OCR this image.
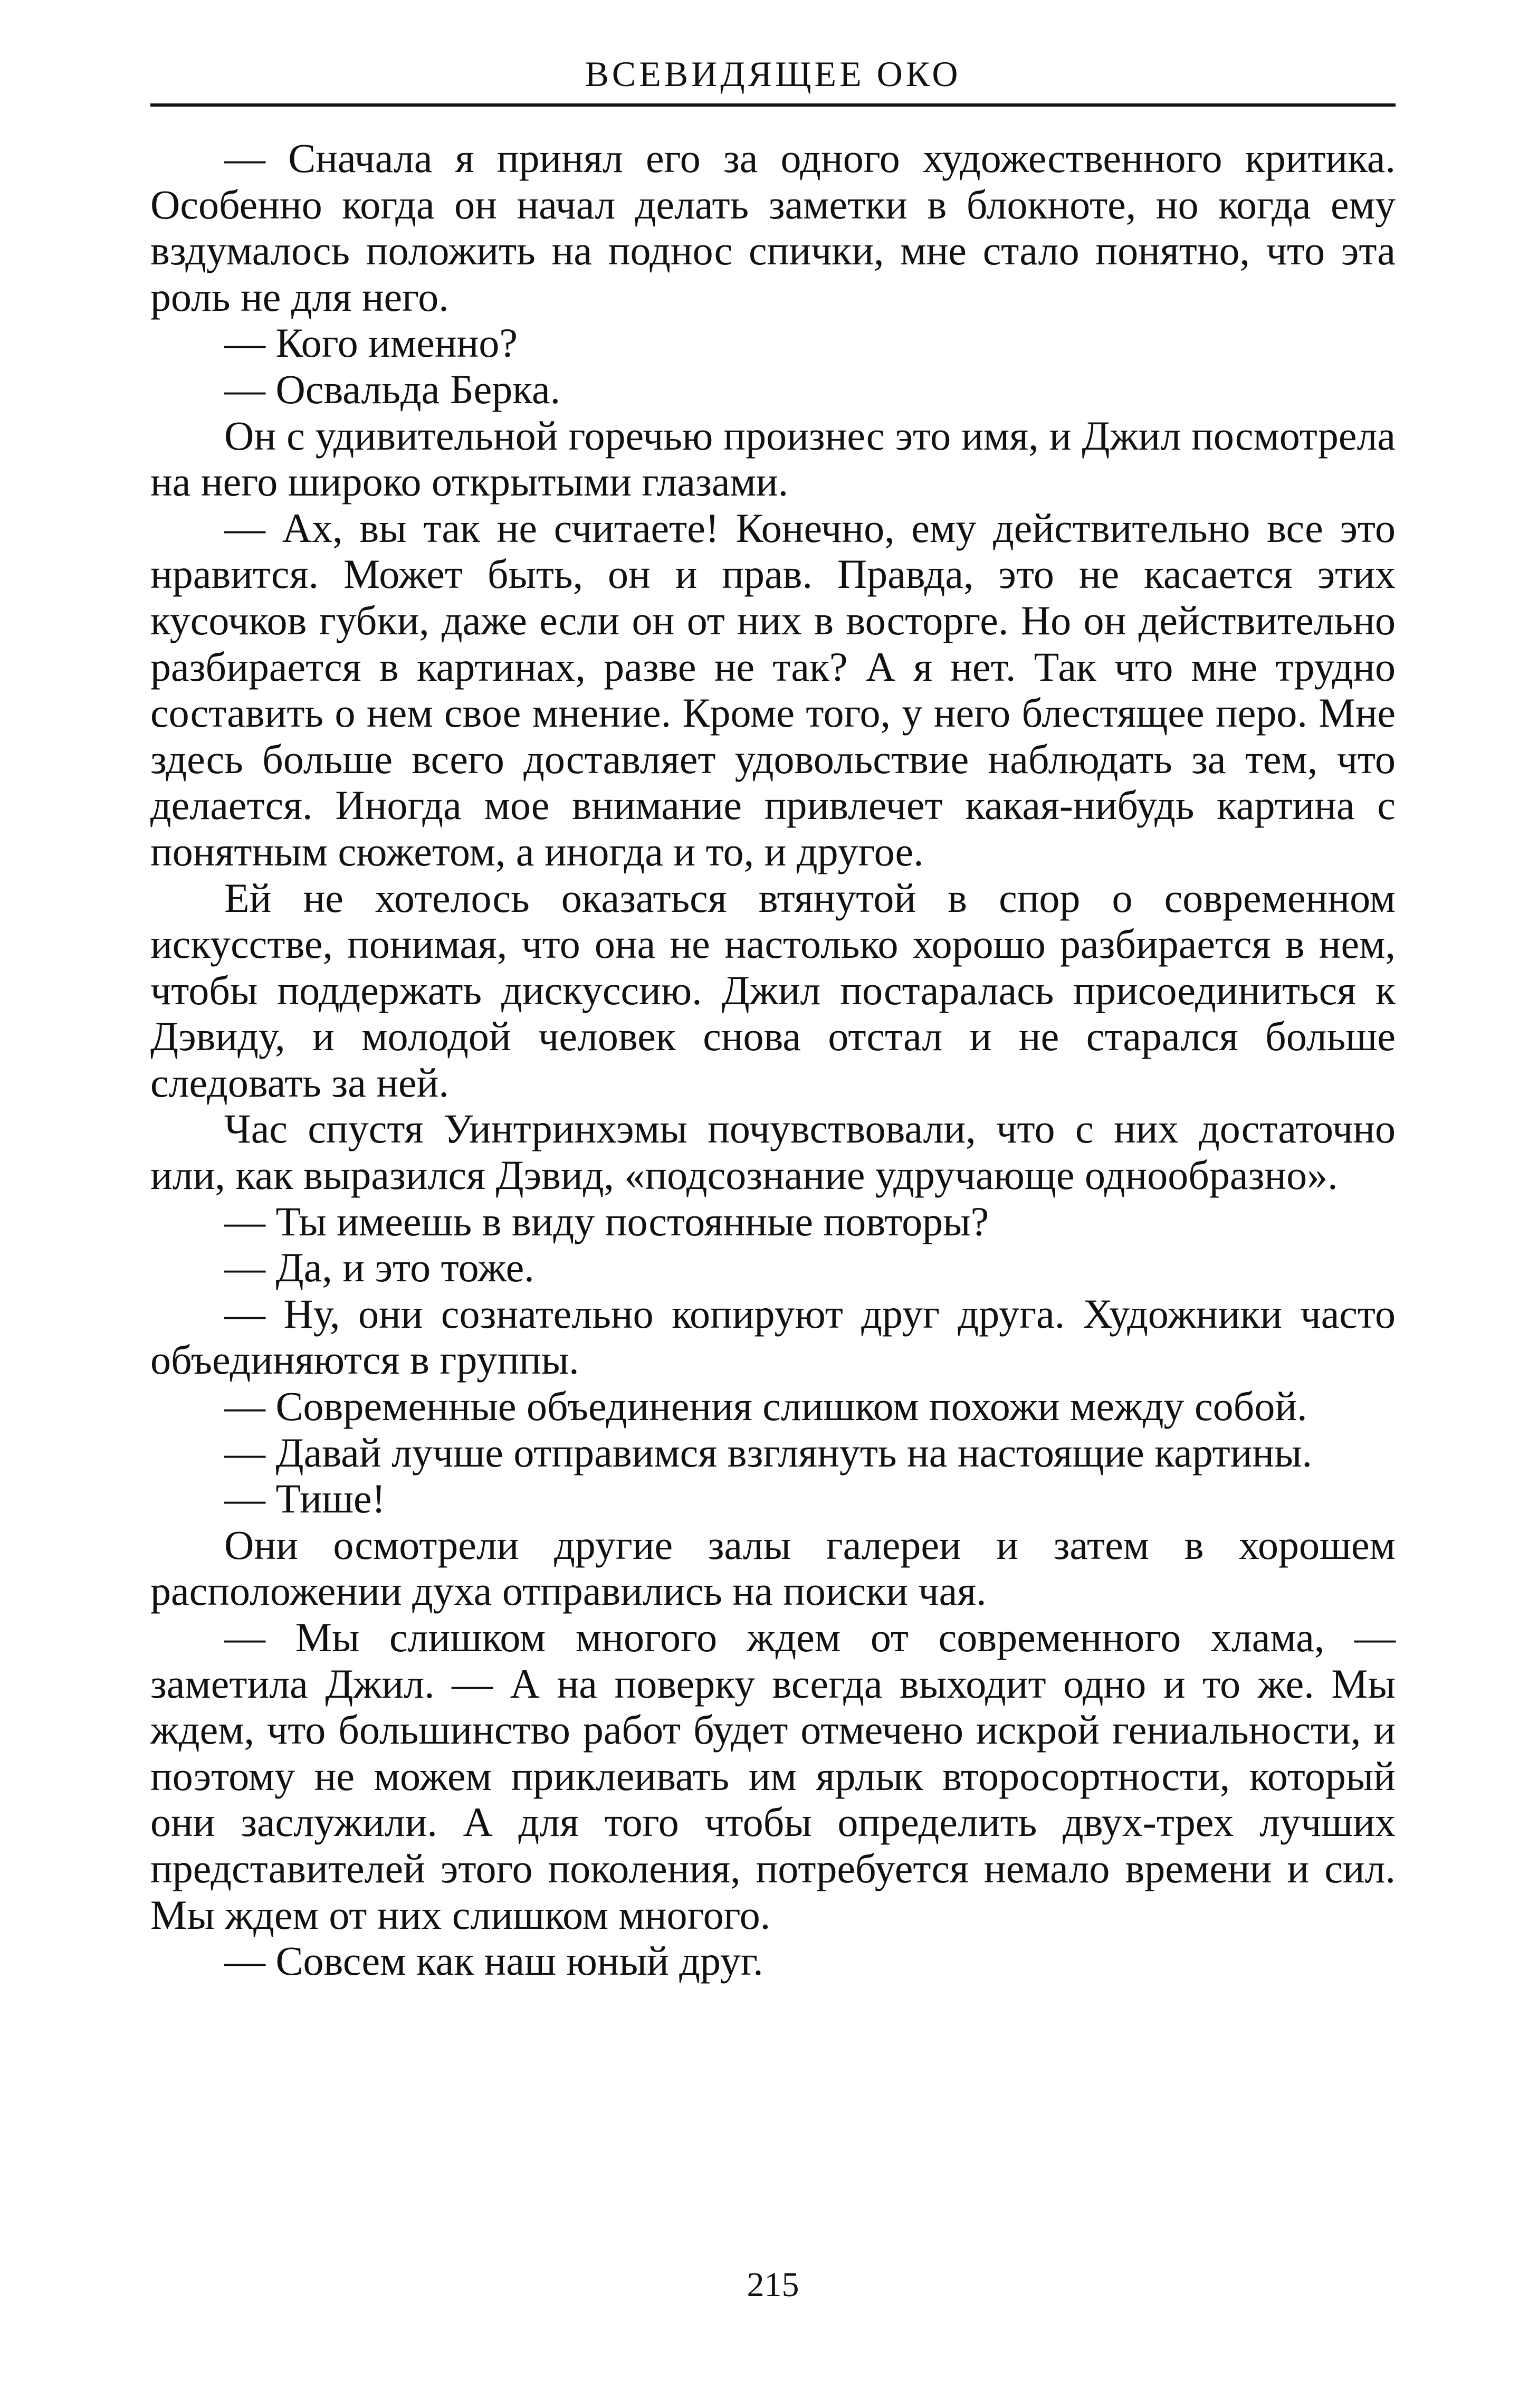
ВСЕВИДЯЩЕЕ ОКО

— Сначала я принял его за одного художественного критика. Особенно когда он начал делать заметки в блокноте, но когда ему вздумалось положить на поднос спички, мне стало понятно, что эта роль не для него.

— Кого именно?

— Освальда Берка.

Он с удивительной горечью произнес это имя, и Джил посмотрела на него широко открытыми глазами.

— Ах, вы так не считаете! Конечно, ему действительно все это нравится. Может быть, он и прав. Правда, это не касается этих кусочков губки, даже если он от них в восторге. Но он действительно разбирается в картинах, разве не так? А я нет. Так что мне трудно составить о нем свое мнение. Кроме того, у него блестящее перо. Мне здесь больше всего доставляет удовольствие наблюдать за тем, что делается. Иногда мое внимание привлечет какая-нибудь картина с понятным сюжетом, а иногда и то, и другое.

Ей не хотелось оказаться втянутой в спор о современном искусстве, понимая, что она не настолько хорошо разбирается в нем, чтобы поддержать дискуссию. Джил постаралась присоединиться к Дэвиду, и молодой человек снова отстал и не старался больше следовать за ней.

Час спустя Уинтринхэмы почувствовали, что с них достаточно или, как выразился Дэвид, «подсознание удручающе однообразно».

— Ты имеешь в виду постоянные повторы?

— Да, и это тоже.

— Ну, они сознательно копируют друг друга. Художники часто объединяются в группы.

— Современные объединения слишком похожи между собой.

— Давай лучше отправимся взглянуть на настоящие картины.

— Тише!

Они осмотрели другие залы галереи и затем в хорошем расположении духа отправились на поиски чая.

— Мы слишком многого ждем от современного хлама, — заметила Джил. — А на поверку всегда выходит одно и то же. Мы ждем, что большинство работ будет отмечено искрой гениальности, и поэтому не можем приклеивать им ярлык второсортности, который они заслужили. А для того чтобы определить двух-трех лучших представителей этого поколения, потребуется немало времени и сил. Мы ждем от них слишком многого.

— Совсем как наш юный друг.

215
